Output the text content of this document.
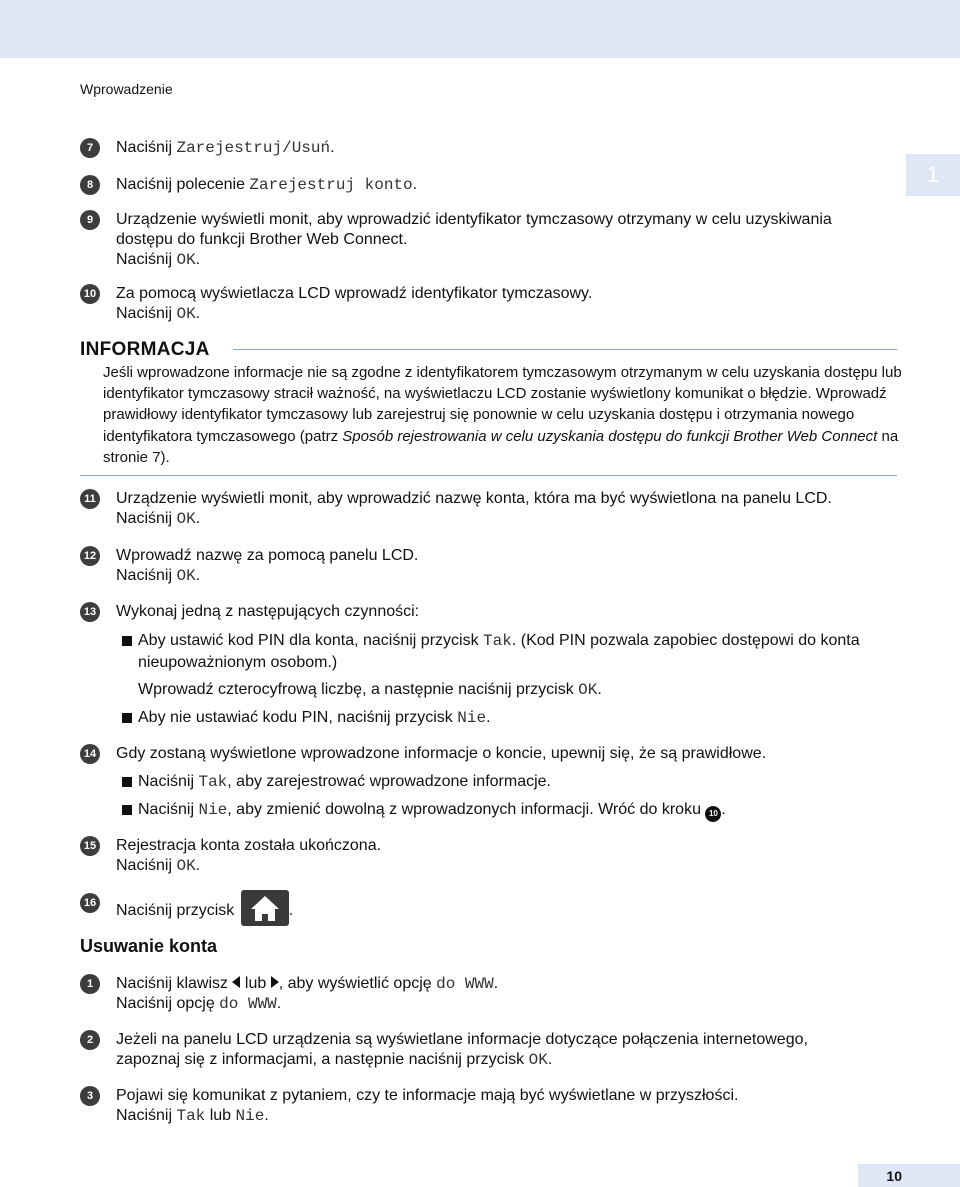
Wprowadzenie
1
7	Naciśnij Zarejestruj/Usuń.
8	Naciśnij polecenie Zarejestruj konto.
9	Urządzenie wyświetli monit, aby wprowadzić identyfikator tymczasowy otrzymany w celu uzyskiwania
dostępu do funkcji Brother Web Connect.
Naciśnij OK.
10 Za pomocą wyświetlacza LCD wprowadź identyfikator tymczasowy.
Naciśnij OK.
INFORMACJA
Jeśli wprowadzone informacje nie są zgodne z identyfikatorem tymczasowym otrzymanym w celu uzyskania dostępu lub identyfikator tymczasowy stracił ważność, na wyświetlaczu LCD zostanie wyświetlony komunikat o błędzie. Wprowadź prawidłowy identyfikator tymczasowy lub zarejestruj się ponownie w celu uzyskania dostępu i otrzymania nowego identyfikatora tymczasowego (patrz Sposób rejestrowania w celu uzyskania dostępu do funkcji Brother Web Connect na stronie 7).
11 Urządzenie wyświetli monit, aby wprowadzić nazwę konta, która ma być wyświetlona na panelu LCD.
Naciśnij OK.
12 Wprowadź nazwę za pomocą panelu LCD.
Naciśnij OK.
13 Wykonaj jedną z następujących czynności:
Aby ustawić kod PIN dla konta, naciśnij przycisk Tak. (Kod PIN pozwala zapobiec dostępowi do konta
nieupoważnionym osobom.)
Wprowadź czterocyfrową liczbę, a następnie naciśnij przycisk OK.
Aby nie ustawiać kodu PIN, naciśnij przycisk Nie.
14 Gdy zostaną wyświetlone wprowadzone informacje o koncie, upewnij się, że są prawidłowe.
Naciśnij Tak, aby zarejestrować wprowadzone informacje.
Naciśnij Nie, aby zmienić dowolną z wprowadzonych informacji. Wróć do kroku 10 .
15 Rejestracja konta została ukończona.
Naciśnij OK.
16 Naciśnij przycisk	.
Usuwanie konta
1	Naciśnij klawisz  lub , aby wyświetlić opcję do WWW.
Naciśnij opcję do WWW.
2	Jeżeli na panelu LCD urządzenia są wyświetlane informacje dotyczące połączenia internetowego,
zapoznaj się z informacjami, a następnie naciśnij przycisk OK.
3	Pojawi się komunikat z pytaniem, czy te informacje mają być wyświetlane w przyszłości.
Naciśnij Tak lub Nie.
10
